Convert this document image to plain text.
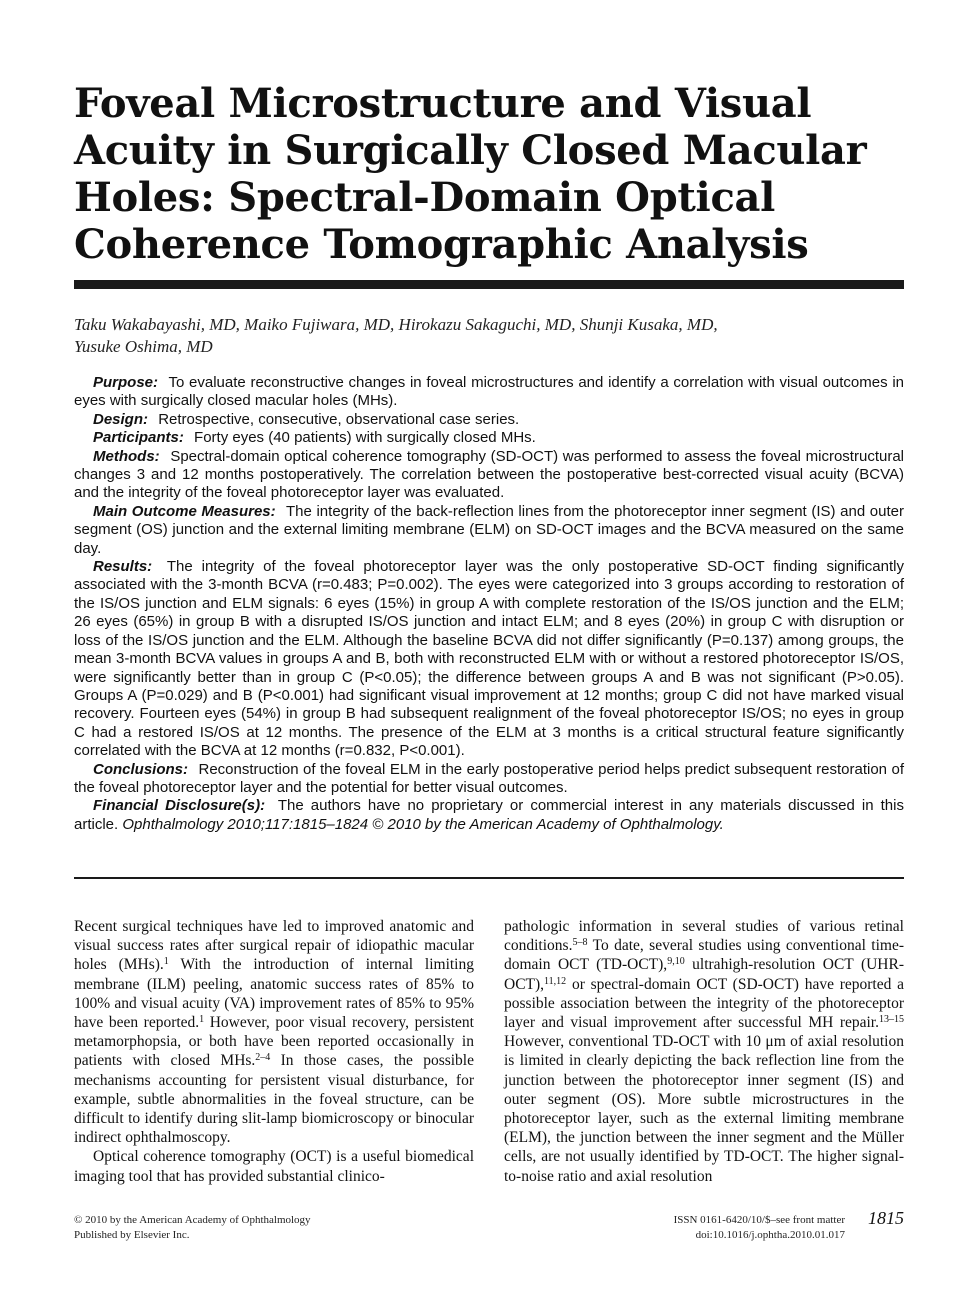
Foveal Microstructure and Visual Acuity in Surgically Closed Macular Holes: Spectral-Domain Optical Coherence Tomographic Analysis
Taku Wakabayashi, MD, Maiko Fujiwara, MD, Hirokazu Sakaguchi, MD, Shunji Kusaka, MD,
Yusuke Oshima, MD

Purpose: To evaluate reconstructive changes in foveal microstructures and identify a correlation with visual outcomes in eyes with surgically closed macular holes (MHs).

Design: Retrospective, consecutive, observational case series.

Participants: Forty eyes (40 patients) with surgically closed MHs.

Methods: Spectral-domain optical coherence tomography (SD-OCT) was performed to assess the foveal microstructural changes 3 and 12 months postoperatively. The correlation between the postoperative best-corrected visual acuity (BCVA) and the integrity of the foveal photoreceptor layer was evaluated.

Main Outcome Measures: The integrity of the back-reflection lines from the photoreceptor inner segment (IS) and outer segment (OS) junction and the external limiting membrane (ELM) on SD-OCT images and the BCVA measured on the same day.

Results: The integrity of the foveal photoreceptor layer was the only postoperative SD-OCT finding significantly associated with the 3-month BCVA (r=0.483; P=0.002). The eyes were categorized into 3 groups according to restoration of the IS/OS junction and ELM signals: 6 eyes (15%) in group A with complete restoration of the IS/OS junction and the ELM; 26 eyes (65%) in group B with a disrupted IS/OS junction and intact ELM; and 8 eyes (20%) in group C with disruption or loss of the IS/OS junction and the ELM. Although the baseline BCVA did not differ significantly (P=0.137) among groups, the mean 3-month BCVA values in groups A and B, both with reconstructed ELM with or without a restored photoreceptor IS/OS, were significantly better than in group C (P<0.05); the difference between groups A and B was not significant (P>0.05). Groups A (P=0.029) and B (P<0.001) had significant visual improvement at 12 months; group C did not have marked visual recovery. Fourteen eyes (54%) in group B had subsequent realignment of the foveal photoreceptor IS/OS; no eyes in group C had a restored IS/OS at 12 months. The presence of the ELM at 3 months is a critical structural feature significantly correlated with the BCVA at 12 months (r=0.832, P<0.001).

Conclusions: Reconstruction of the foveal ELM in the early postoperative period helps predict subsequent restoration of the foveal photoreceptor layer and the potential for better visual outcomes.

Financial Disclosure(s): The authors have no proprietary or commercial interest in any materials discussed in this article. Ophthalmology 2010;117:1815–1824 © 2010 by the American Academy of Ophthalmology.

Recent surgical techniques have led to improved anatomic and visual success rates after surgical repair of idiopathic macular holes (MHs).$^1$ With the introduction of internal limiting membrane (ILM) peeling, anatomic success rates of 85% to 100% and visual acuity (VA) improvement rates of 85% to 95% have been reported.$^1$ However, poor visual recovery, persistent metamorphopsia, or both have been reported occasionally in patients with closed MHs.$^{2-4}$ In those cases, the possible mechanisms accounting for persistent visual disturbance, for example, subtle abnormalities in the foveal structure, can be difficult to identify during slit-lamp biomicroscopy or binocular indirect ophthalmoscopy.

Optical coherence tomography (OCT) is a useful biomedical imaging tool that has provided substantial clinico-

pathologic information in several studies of various retinal conditions.$^{5-8}$ To date, several studies using conventional time-domain OCT (TD-OCT),$^{9,10}$ ultrahigh-resolution OCT (UHR-OCT),$^{11,12}$ or spectral-domain OCT (SD-OCT) have reported a possible association between the integrity of the photoreceptor layer and visual improvement after successful MH repair.$^{13-15}$ However, conventional TD-OCT with 10 μm of axial resolution is limited in clearly depicting the back reflection line from the junction between the photoreceptor inner segment (IS) and outer segment (OS). More subtle microstructures in the photoreceptor layer, such as the external limiting membrane (ELM), the junction between the inner segment and the Müller cells, are not usually identified by TD-OCT. The higher signal-to-noise ratio and axial resolution

© 2010 by the American Academy of Ophthalmology
Published by Elsevier Inc.
ISSN 0161-6420/10/$–see front matter
doi:10.1016/j.ophtha.2010.01.017
1815
